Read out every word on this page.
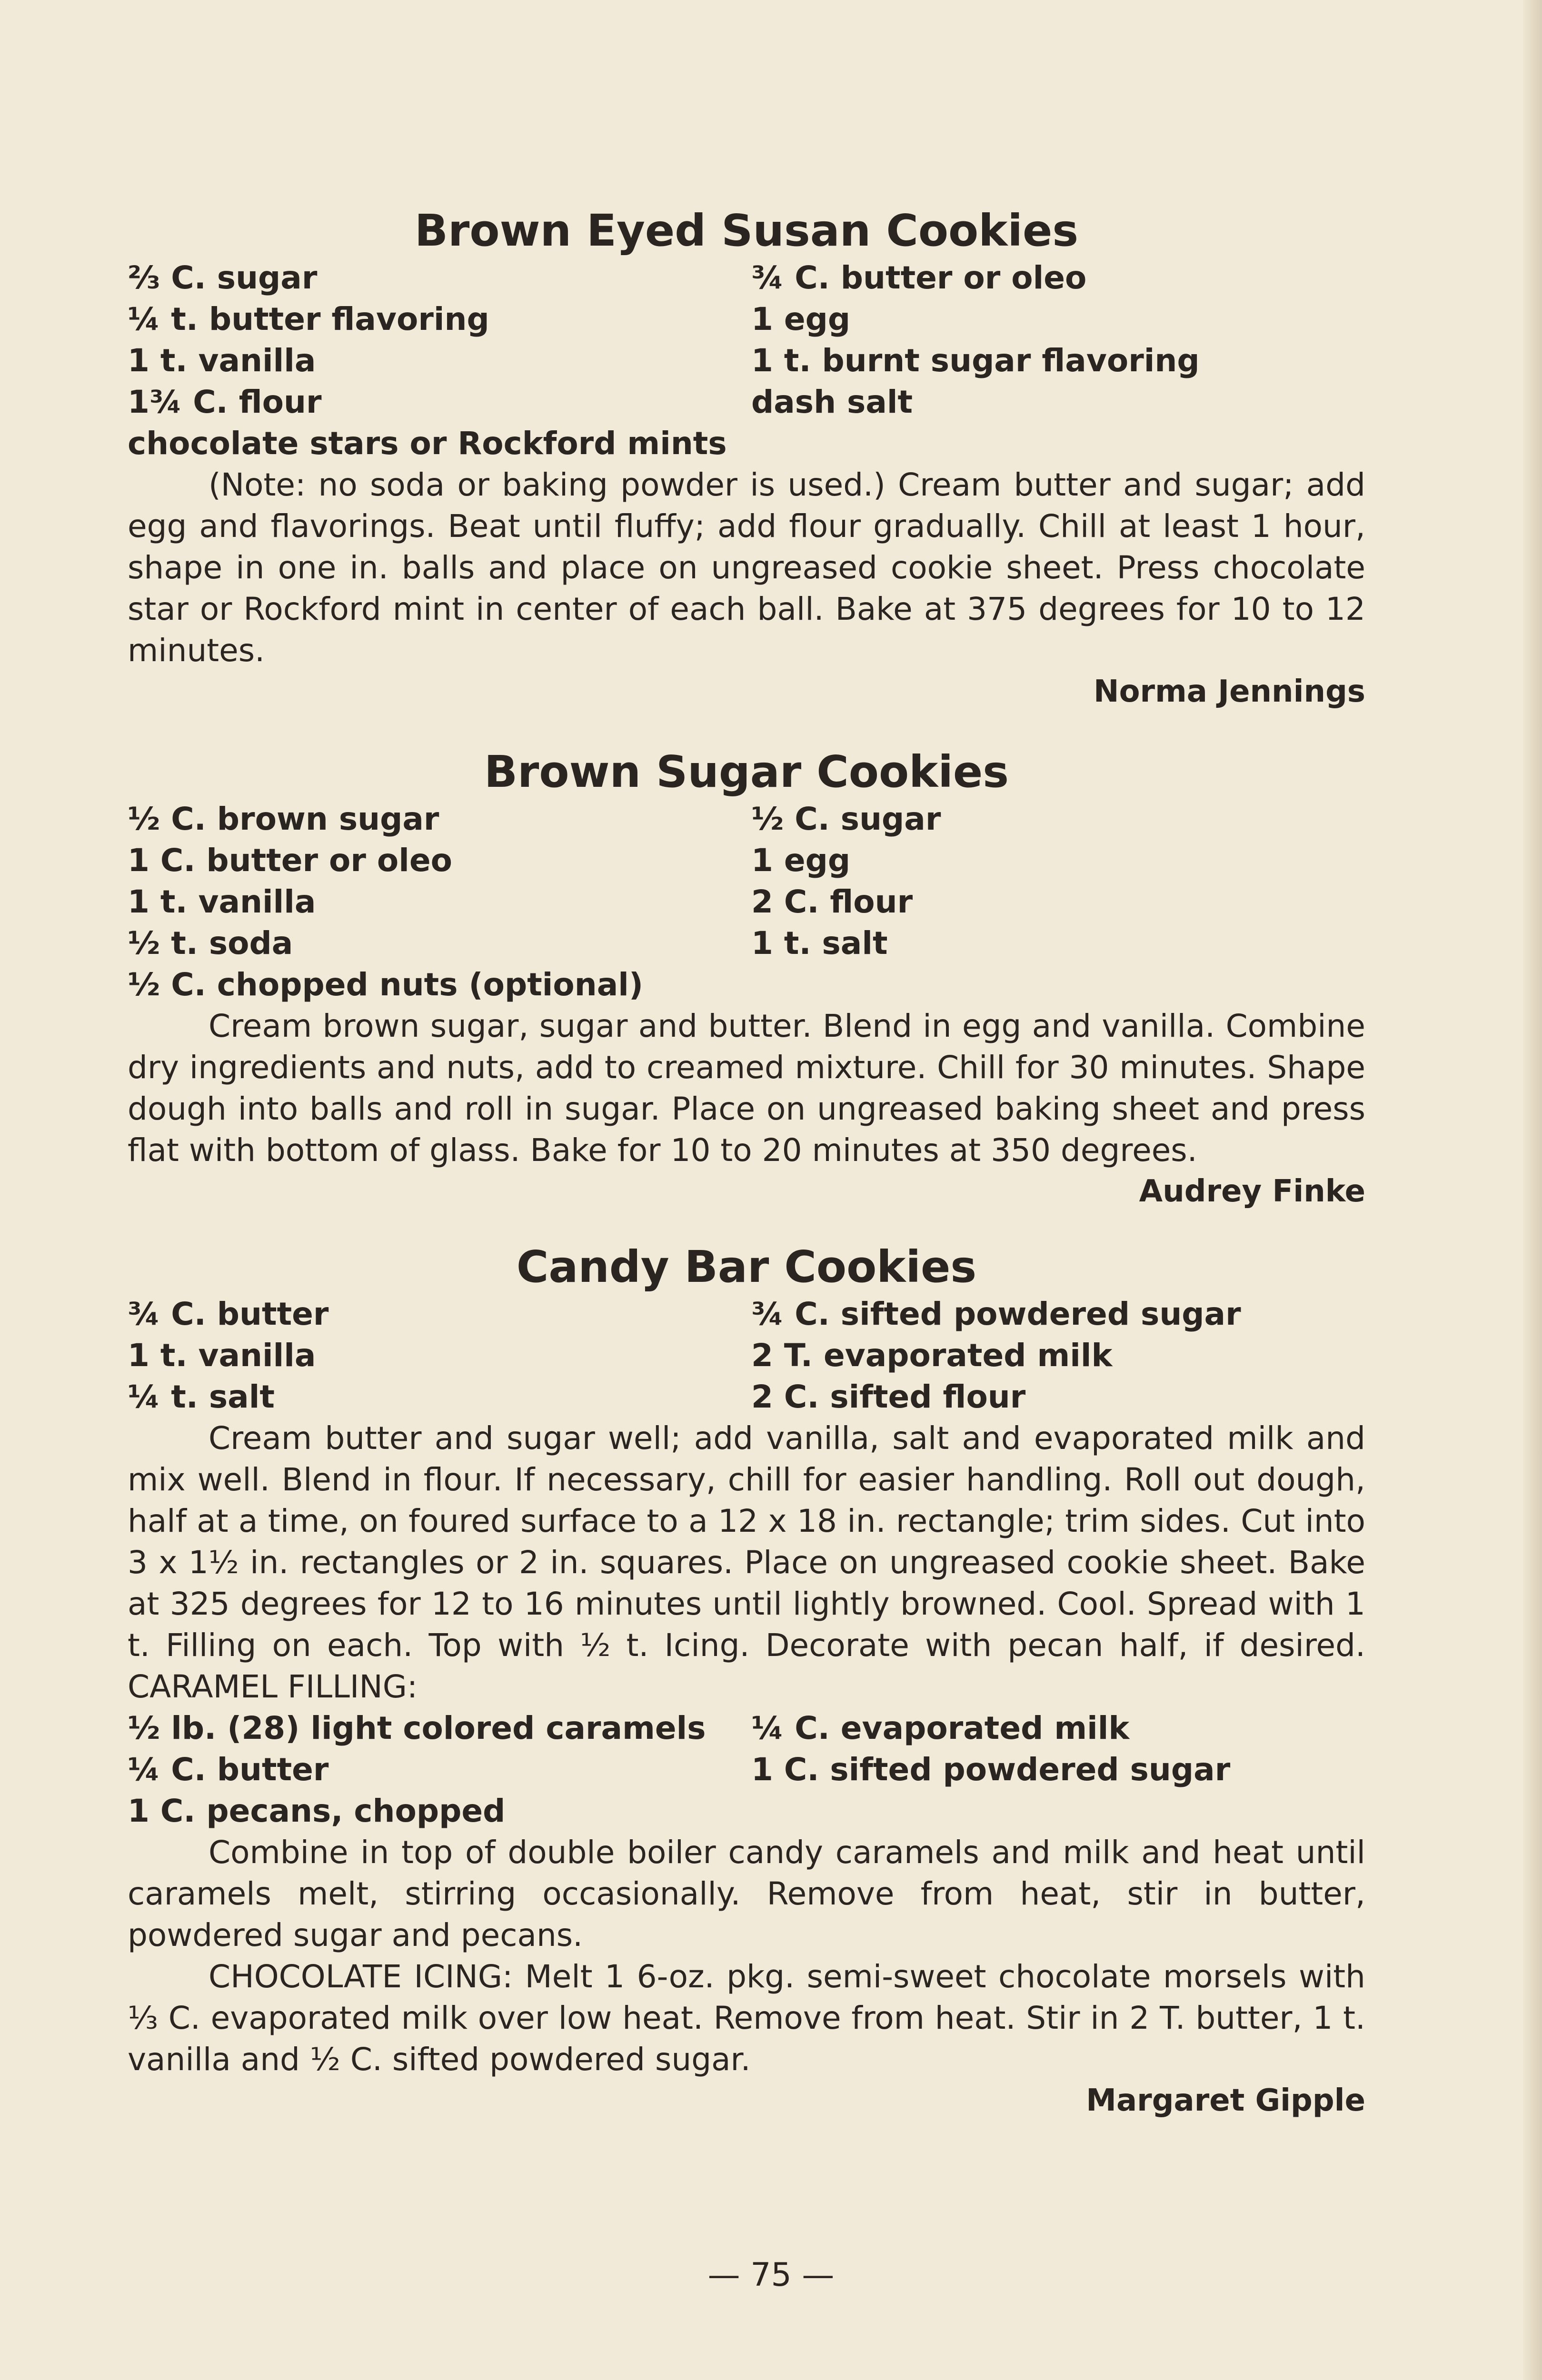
Brown Eyed Susan Cookies
⅔ C. sugar	¾ C. butter or oleo
¼ t. butter flavoring	1 egg
1 t. vanilla	1 t. burnt sugar flavoring
1¾ C. flour	dash salt
chocolate stars or Rockford mints

(Note: no soda or baking powder is used.) Cream butter and sugar; add egg and flavorings. Beat until fluffy; add flour gradually. Chill at least 1 hour, shape in one in. balls and place on ungreased cookie sheet. Press chocolate star or Rockford mint in center of each ball. Bake at 375 degrees for 10 to 12 minutes.

Norma Jennings

Brown Sugar Cookies
½ C. brown sugar	½ C. sugar
1 C. butter or oleo	1 egg
1 t. vanilla	2 C. flour
½ t. soda	1 t. salt
½ C. chopped nuts (optional)

Cream brown sugar, sugar and butter. Blend in egg and vanilla. Combine dry ingredients and nuts, add to creamed mixture. Chill for 30 minutes. Shape dough into balls and roll in sugar. Place on ungreased baking sheet and press flat with bottom of glass. Bake for 10 to 20 minutes at 350 degrees.

Audrey Finke

Candy Bar Cookies
¾ C. butter	¾ C. sifted powdered sugar
1 t. vanilla	2 T. evaporated milk
¼ t. salt	2 C. sifted flour

Cream butter and sugar well; add vanilla, salt and evaporated milk and mix well. Blend in flour. If necessary, chill for easier handling. Roll out dough, half at a time, on foured surface to a 12 x 18 in. rectangle; trim sides. Cut into 3 x 1½ in. rectangles or 2 in. squares. Place on ungreased cookie sheet. Bake at 325 degrees for 12 to 16 minutes until lightly browned. Cool. Spread with 1 t. Filling on each. Top with ½ t. Icing. Decorate with pecan half, if desired. CARAMEL FILLING:

½ lb. (28) light colored caramels	¼ C. evaporated milk
¼ C. butter	1 C. sifted powdered sugar
1 C. pecans, chopped

Combine in top of double boiler candy caramels and milk and heat until caramels melt, stirring occasionally. Remove from heat, stir in butter, powdered sugar and pecans.

CHOCOLATE ICING: Melt 1 6-oz. pkg. semi-sweet chocolate morsels with ⅓ C. evaporated milk over low heat. Remove from heat. Stir in 2 T. butter, 1 t. vanilla and ½ C. sifted powdered sugar.

Margaret Gipple

— 75 —
